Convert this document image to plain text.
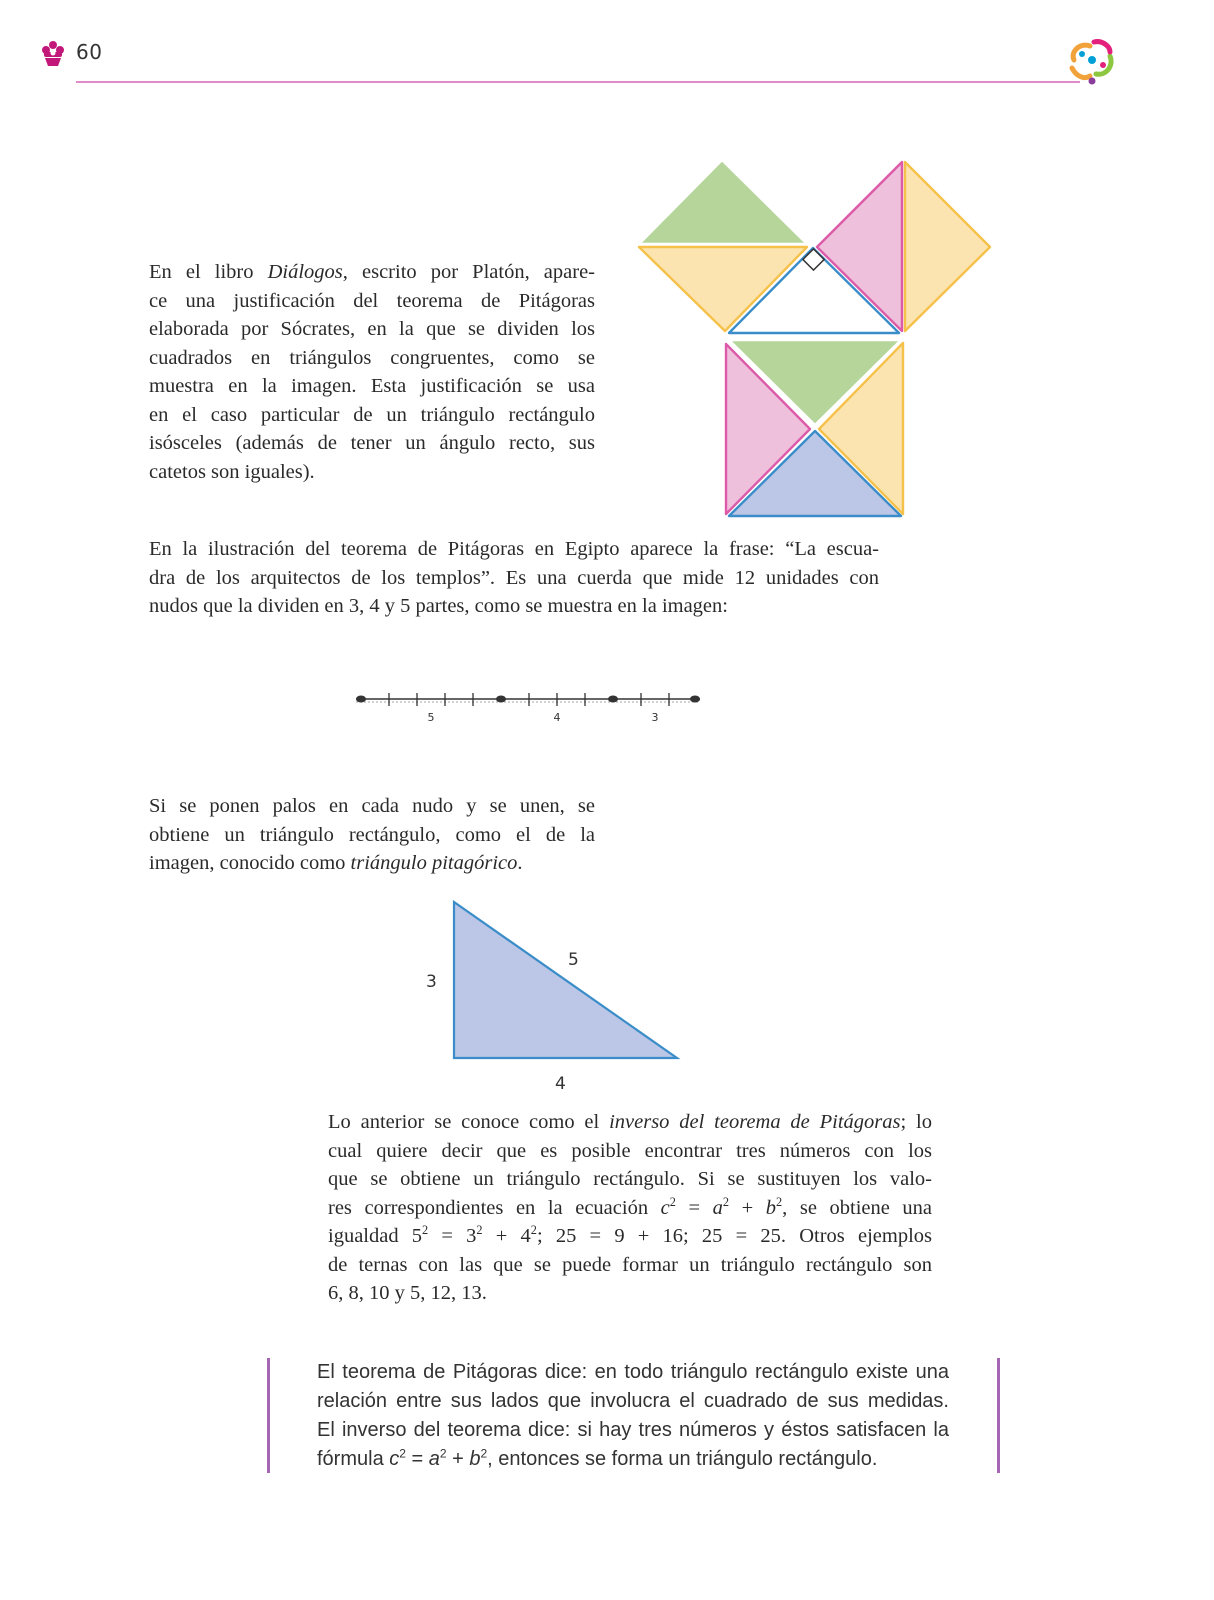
60
En el libro Diálogos, escrito por Platón, apare-
ce una justificación del teorema de Pitágoras
elaborada por Sócrates, en la que se dividen los
cuadrados en triángulos congruentes, como se
muestra en la imagen. Esta justificación se usa
en el caso particular de un triángulo rectángulo
isósceles (además de tener un ángulo recto, sus
catetos son iguales).
En la ilustración del teorema de Pitágoras en Egipto aparece la frase: “La escua-
dra de los arquitectos de los templos”. Es una cuerda que mide 12 unidades con
nudos que la dividen en 3, 4 y 5 partes, como se muestra en la imagen:
5	4	3
Si se ponen palos en cada nudo y se unen, se
obtiene un triángulo rectángulo, como el de la
imagen, conocido como triángulo pitagórico.
3
5
4
Lo anterior se conoce como el inverso del teorema de Pitágoras; lo
cual quiere decir que es posible encontrar tres números con los
que se obtiene un triángulo rectángulo. Si se sustituyen los valo-
res correspondientes en la ecuación $c^2 = a^2 + b^2$, se obtiene una
igualdad $5^2 = 3^2 + 4^2$; 25 = 9 + 16; 25 = 25. Otros ejemplos
de ternas con las que se puede formar un triángulo rectángulo son
6, 8, 10 y 5, 12, 13.
El teorema de Pitágoras dice: en todo triángulo rectángulo existe una
relación entre sus lados que involucra el cuadrado de sus medidas.
El inverso del teorema dice: si hay tres números y éstos satisfacen la
fórmula $c^2 = a^2 + b^2$, entonces se forma un triángulo rectángulo.
